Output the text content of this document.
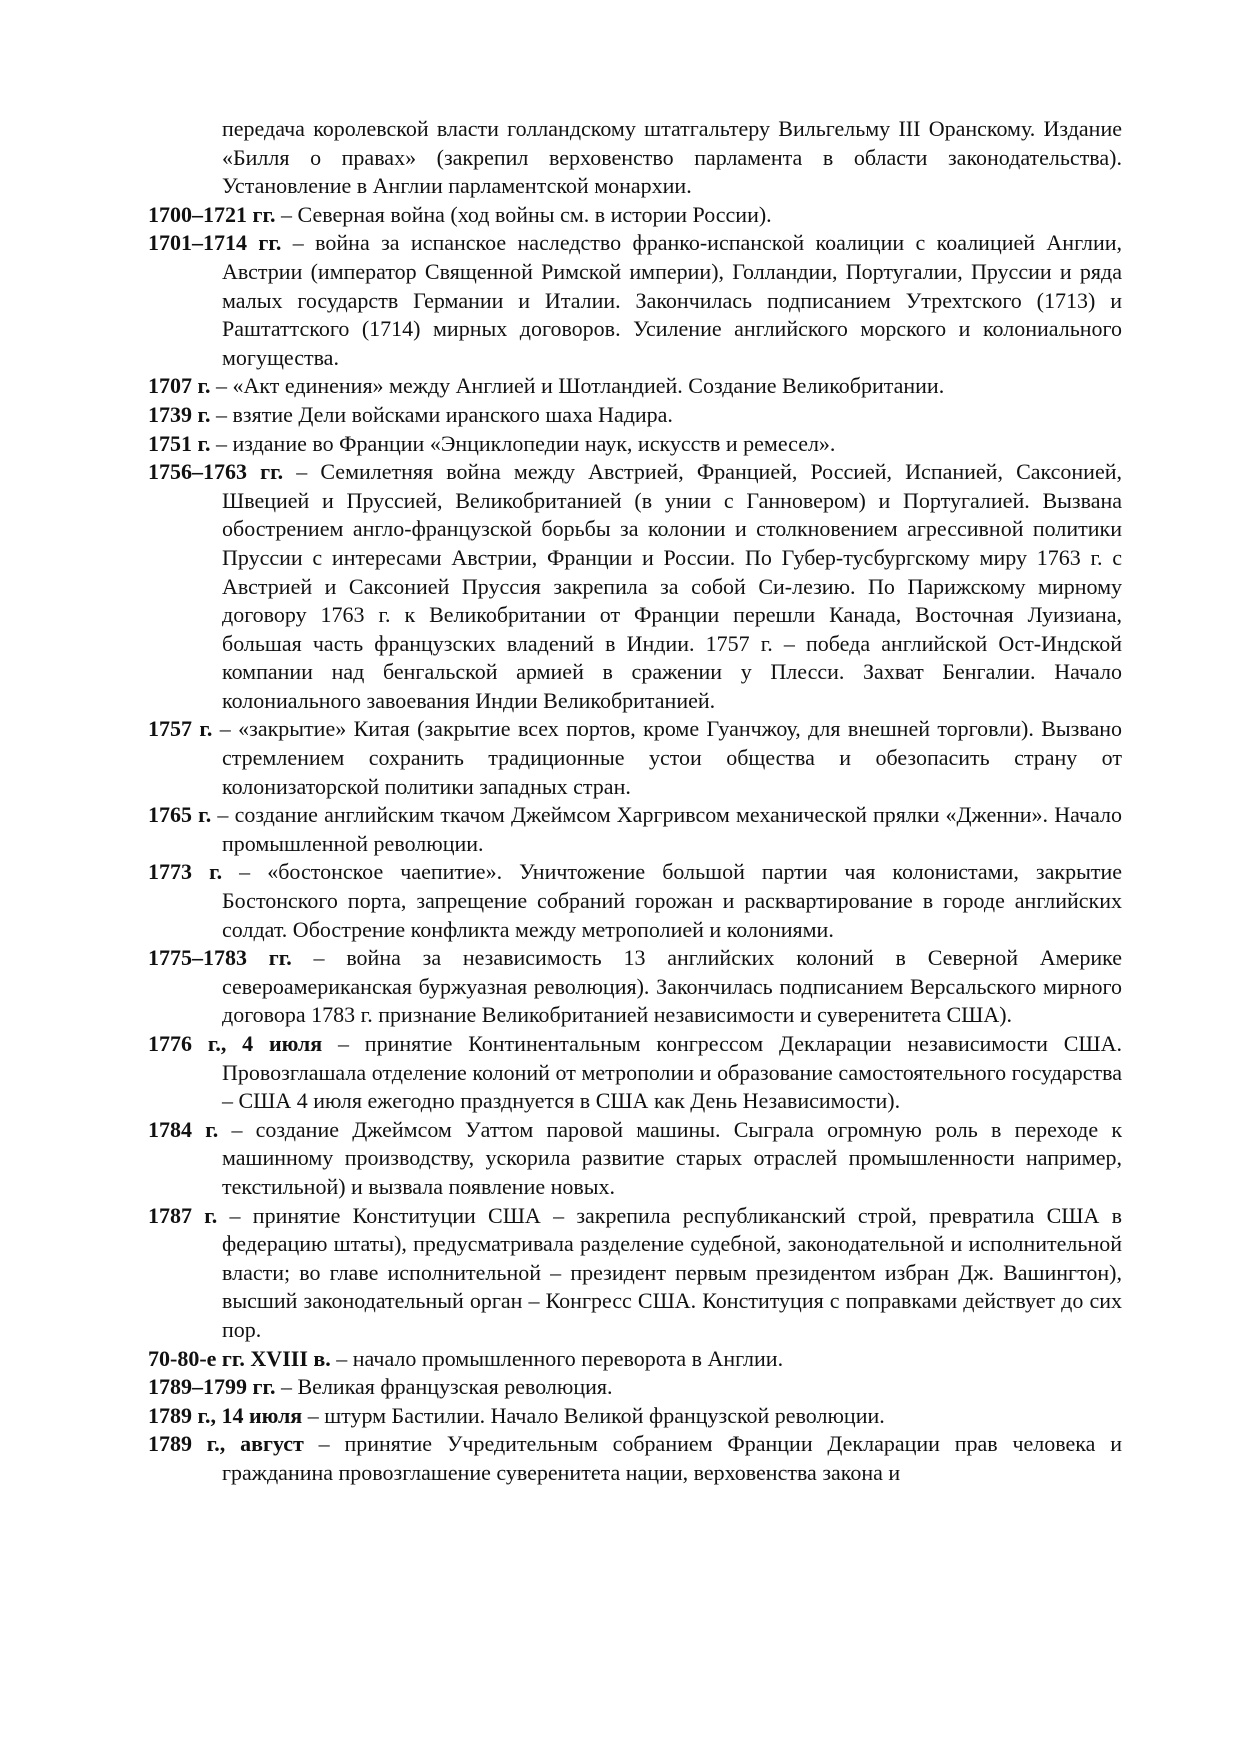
передача королевской власти голландскому штатгальтеру Вильгельму III Оранскому. Издание «Билля о правах» (закрепил верховенство парламента в области законодательства). Установление в Англии парламентской монархии.

1700–1721 гг. – Северная война (ход войны см. в истории России).

1701–1714 гг. – война за испанское наследство франко-испанской коалиции с коалицией Англии, Австрии (император Священной Римской империи), Голландии, Португалии, Пруссии и ряда малых государств Германии и Италии. Закончилась подписанием Утрехтского (1713) и Раштаттского (1714) мирных договоров. Усиление английского морского и колониального могущества.

1707 г. – «Акт единения» между Англией и Шотландией. Создание Великобритании.

1739 г. – взятие Дели войсками иранского шаха Надира.

1751 г. – издание во Франции «Энциклопедии наук, искусств и ремесел».

1756–1763 гг. – Семилетняя война между Австрией, Францией, Россией, Испанией, Саксонией, Швецией и Пруссией, Великобританией (в унии с Ганновером) и Португалией. Вызвана обострением англо-французской борьбы за колонии и столкновением агрессивной политики Пруссии с интересами Австрии, Франции и России. По Губер-тусбургскому миру 1763 г. с Австрией и Саксонией Пруссия закрепила за собой Си-лезию. По Парижскому мирному договору 1763 г. к Великобритании от Франции перешли Канада, Восточная Луизиана, большая часть французских владений в Индии. 1757 г. – победа английской Ост-Индской компании над бенгальской армией в сражении у Плесси. Захват Бенгалии. Начало колониального завоевания Индии Великобританией.

1757 г. – «закрытие» Китая (закрытие всех портов, кроме Гуанчжоу, для внешней торговли). Вызвано стремлением сохранить традиционные устои общества и обезопасить страну от колонизаторской политики западных стран.

1765 г. – создание английским ткачом Джеймсом Харгривсом механической прялки «Дженни». Начало промышленной революции.

1773 г. – «бостонское чаепитие». Уничтожение большой партии чая колонистами, закрытие Бостонского порта, запрещение собраний горожан и расквартирование в городе английских солдат. Обострение конфликта между метрополией и колониями.

1775–1783 гг. – война за независимость 13 английских колоний в Северной Америке североамериканская буржуазная революция). Закончилась подписанием Версальского мирного договора 1783 г. признание Великобританией независимости и суверенитета США).

1776 г., 4 июля – принятие Континентальным конгрессом Декларации независимости США. Провозглашала отделение колоний от метрополии и образование самостоятельного государства – США 4 июля ежегодно празднуется в США как День Независимости).

1784 г. – создание Джеймсом Уаттом паровой машины. Сыграла огромную роль в переходе к машинному производству, ускорила развитие старых отраслей промышленности например, текстильной) и вызвала появление новых.

1787 г. – принятие Конституции США – закрепила республиканский строй, превратила США в федерацию штаты), предусматривала разделение судебной, законодательной и исполнительной власти; во главе исполнительной – президент первым президентом избран Дж. Вашингтон), высший законодательный орган – Конгресс США. Конституция с поправками действует до сих пор.

70-80-е гг. XVIII в. – начало промышленного переворота в Англии.

1789–1799 гг. – Великая французская революция.

1789 г., 14 июля – штурм Бастилии. Начало Великой французской революции.

1789 г., август – принятие Учредительным собранием Франции Декларации прав человека и гражданина провозглашение суверенитета нации, верховенства закона и
